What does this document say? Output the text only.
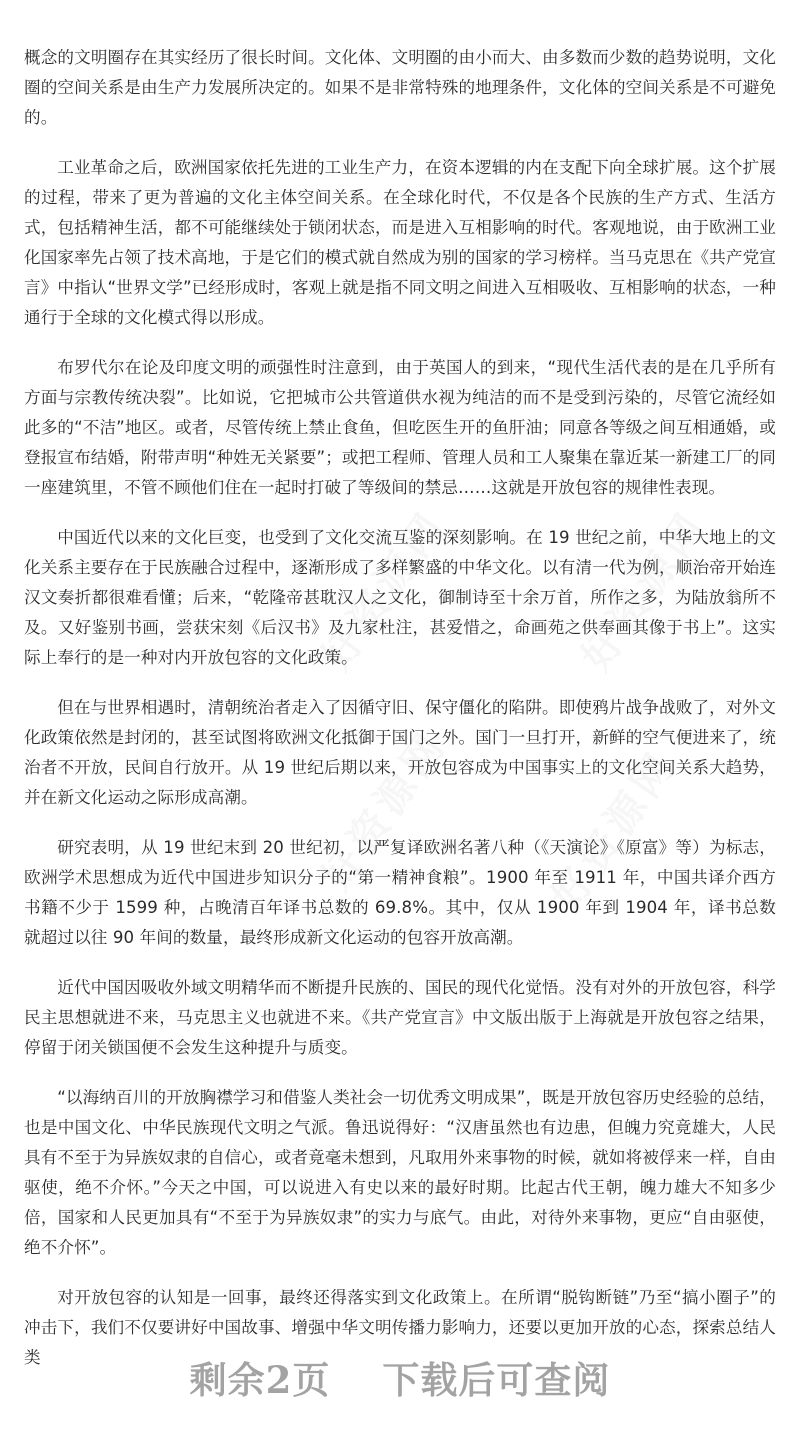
概念的文明圈存在其实经历了很长时间。文化体、文明圈的由小而大、由多数而少数的趋势说明，文化圈的空间关系是由生产力发展所决定的。如果不是非常特殊的地理条件，文化体的空间关系是不可避免的。

工业革命之后，欧洲国家依托先进的工业生产力，在资本逻辑的内在支配下向全球扩展。这个扩展的过程，带来了更为普遍的文化主体空间关系。在全球化时代，不仅是各个民族的生产方式、生活方式，包括精神生活，都不可能继续处于锁闭状态，而是进入互相影响的时代。客观地说，由于欧洲工业化国家率先占领了技术高地，于是它们的模式就自然成为别的国家的学习榜样。当马克思在《共产党宣言》中指认“世界文学”已经形成时，客观上就是指不同文明之间进入互相吸收、互相影响的状态，一种通行于全球的文化模式得以形成。

布罗代尔在论及印度文明的顽强性时注意到，由于英国人的到来，“现代生活代表的是在几乎所有方面与宗教传统决裂”。比如说，它把城市公共管道供水视为纯洁的而不是受到污染的，尽管它流经如此多的“不洁”地区。或者，尽管传统上禁止食鱼，但吃医生开的鱼肝油；同意各等级之间互相通婚，或登报宣布结婚，附带声明“种姓无关紧要”；或把工程师、管理人员和工人聚集在靠近某一新建工厂的同一座建筑里，不管不顾他们住在一起时打破了等级间的禁忌……这就是开放包容的规律性表现。

中国近代以来的文化巨变，也受到了文化交流互鉴的深刻影响。在 19 世纪之前，中华大地上的文化关系主要存在于民族融合过程中，逐渐形成了多样繁盛的中华文化。以有清一代为例，顺治帝开始连汉文奏折都很难看懂；后来，“乾隆帝甚耽汉人之文化，御制诗至十余万首，所作之多，为陆放翁所不及。又好鉴别书画，尝获宋刻《后汉书》及九家杜注，甚爱惜之，命画苑之供奉画其像于书上”。这实际上奉行的是一种对内开放包容的文化政策。

但在与世界相遇时，清朝统治者走入了因循守旧、保守僵化的陷阱。即使鸦片战争战败了，对外文化政策依然是封闭的，甚至试图将欧洲文化抵御于国门之外。国门一旦打开，新鲜的空气便进来了，统治者不开放，民间自行放开。从 19 世纪后期以来，开放包容成为中国事实上的文化空间关系大趋势，并在新文化运动之际形成高潮。

研究表明，从 19 世纪末到 20 世纪初，以严复译欧洲名著八种（《天演论》《原富》等）为标志，欧洲学术思想成为近代中国进步知识分子的“第一精神食粮”。1900 年至 1911 年，中国共译介西方书籍不少于 1599 种，占晚清百年译书总数的 69.8%。其中，仅从 1900 年到 1904 年，译书总数就超过以往 90 年间的数量，最终形成新文化运动的包容开放高潮。

近代中国因吸收外域文明精华而不断提升民族的、国民的现代化觉悟。没有对外的开放包容，科学民主思想就进不来，马克思主义也就进不来。《共产党宣言》中文版出版于上海就是开放包容之结果，停留于闭关锁国便不会发生这种提升与质变。

“以海纳百川的开放胸襟学习和借鉴人类社会一切优秀文明成果”，既是开放包容历史经验的总结，也是中国文化、中华民族现代文明之气派。鲁迅说得好：“汉唐虽然也有边患，但魄力究竟雄大，人民具有不至于为异族奴隶的自信心，或者竟毫未想到，凡取用外来事物的时候，就如将被俘来一样，自由驱使，绝不介怀。”今天之中国，可以说进入有史以来的最好时期。比起古代王朝，魄力雄大不知多少倍，国家和人民更加具有“不至于为异族奴隶”的实力与底气。由此，对待外来事物，更应“自由驱使，绝不介怀”。

对开放包容的认知是一回事，最终还得落实到文化政策上。在所谓“脱钩断链”乃至“搞小圈子”的冲击下，我们不仅要讲好中国故事、增强中华文明传播力影响力，还要以更加开放的心态，探索总结人类

剩余2页 下载后可查阅
